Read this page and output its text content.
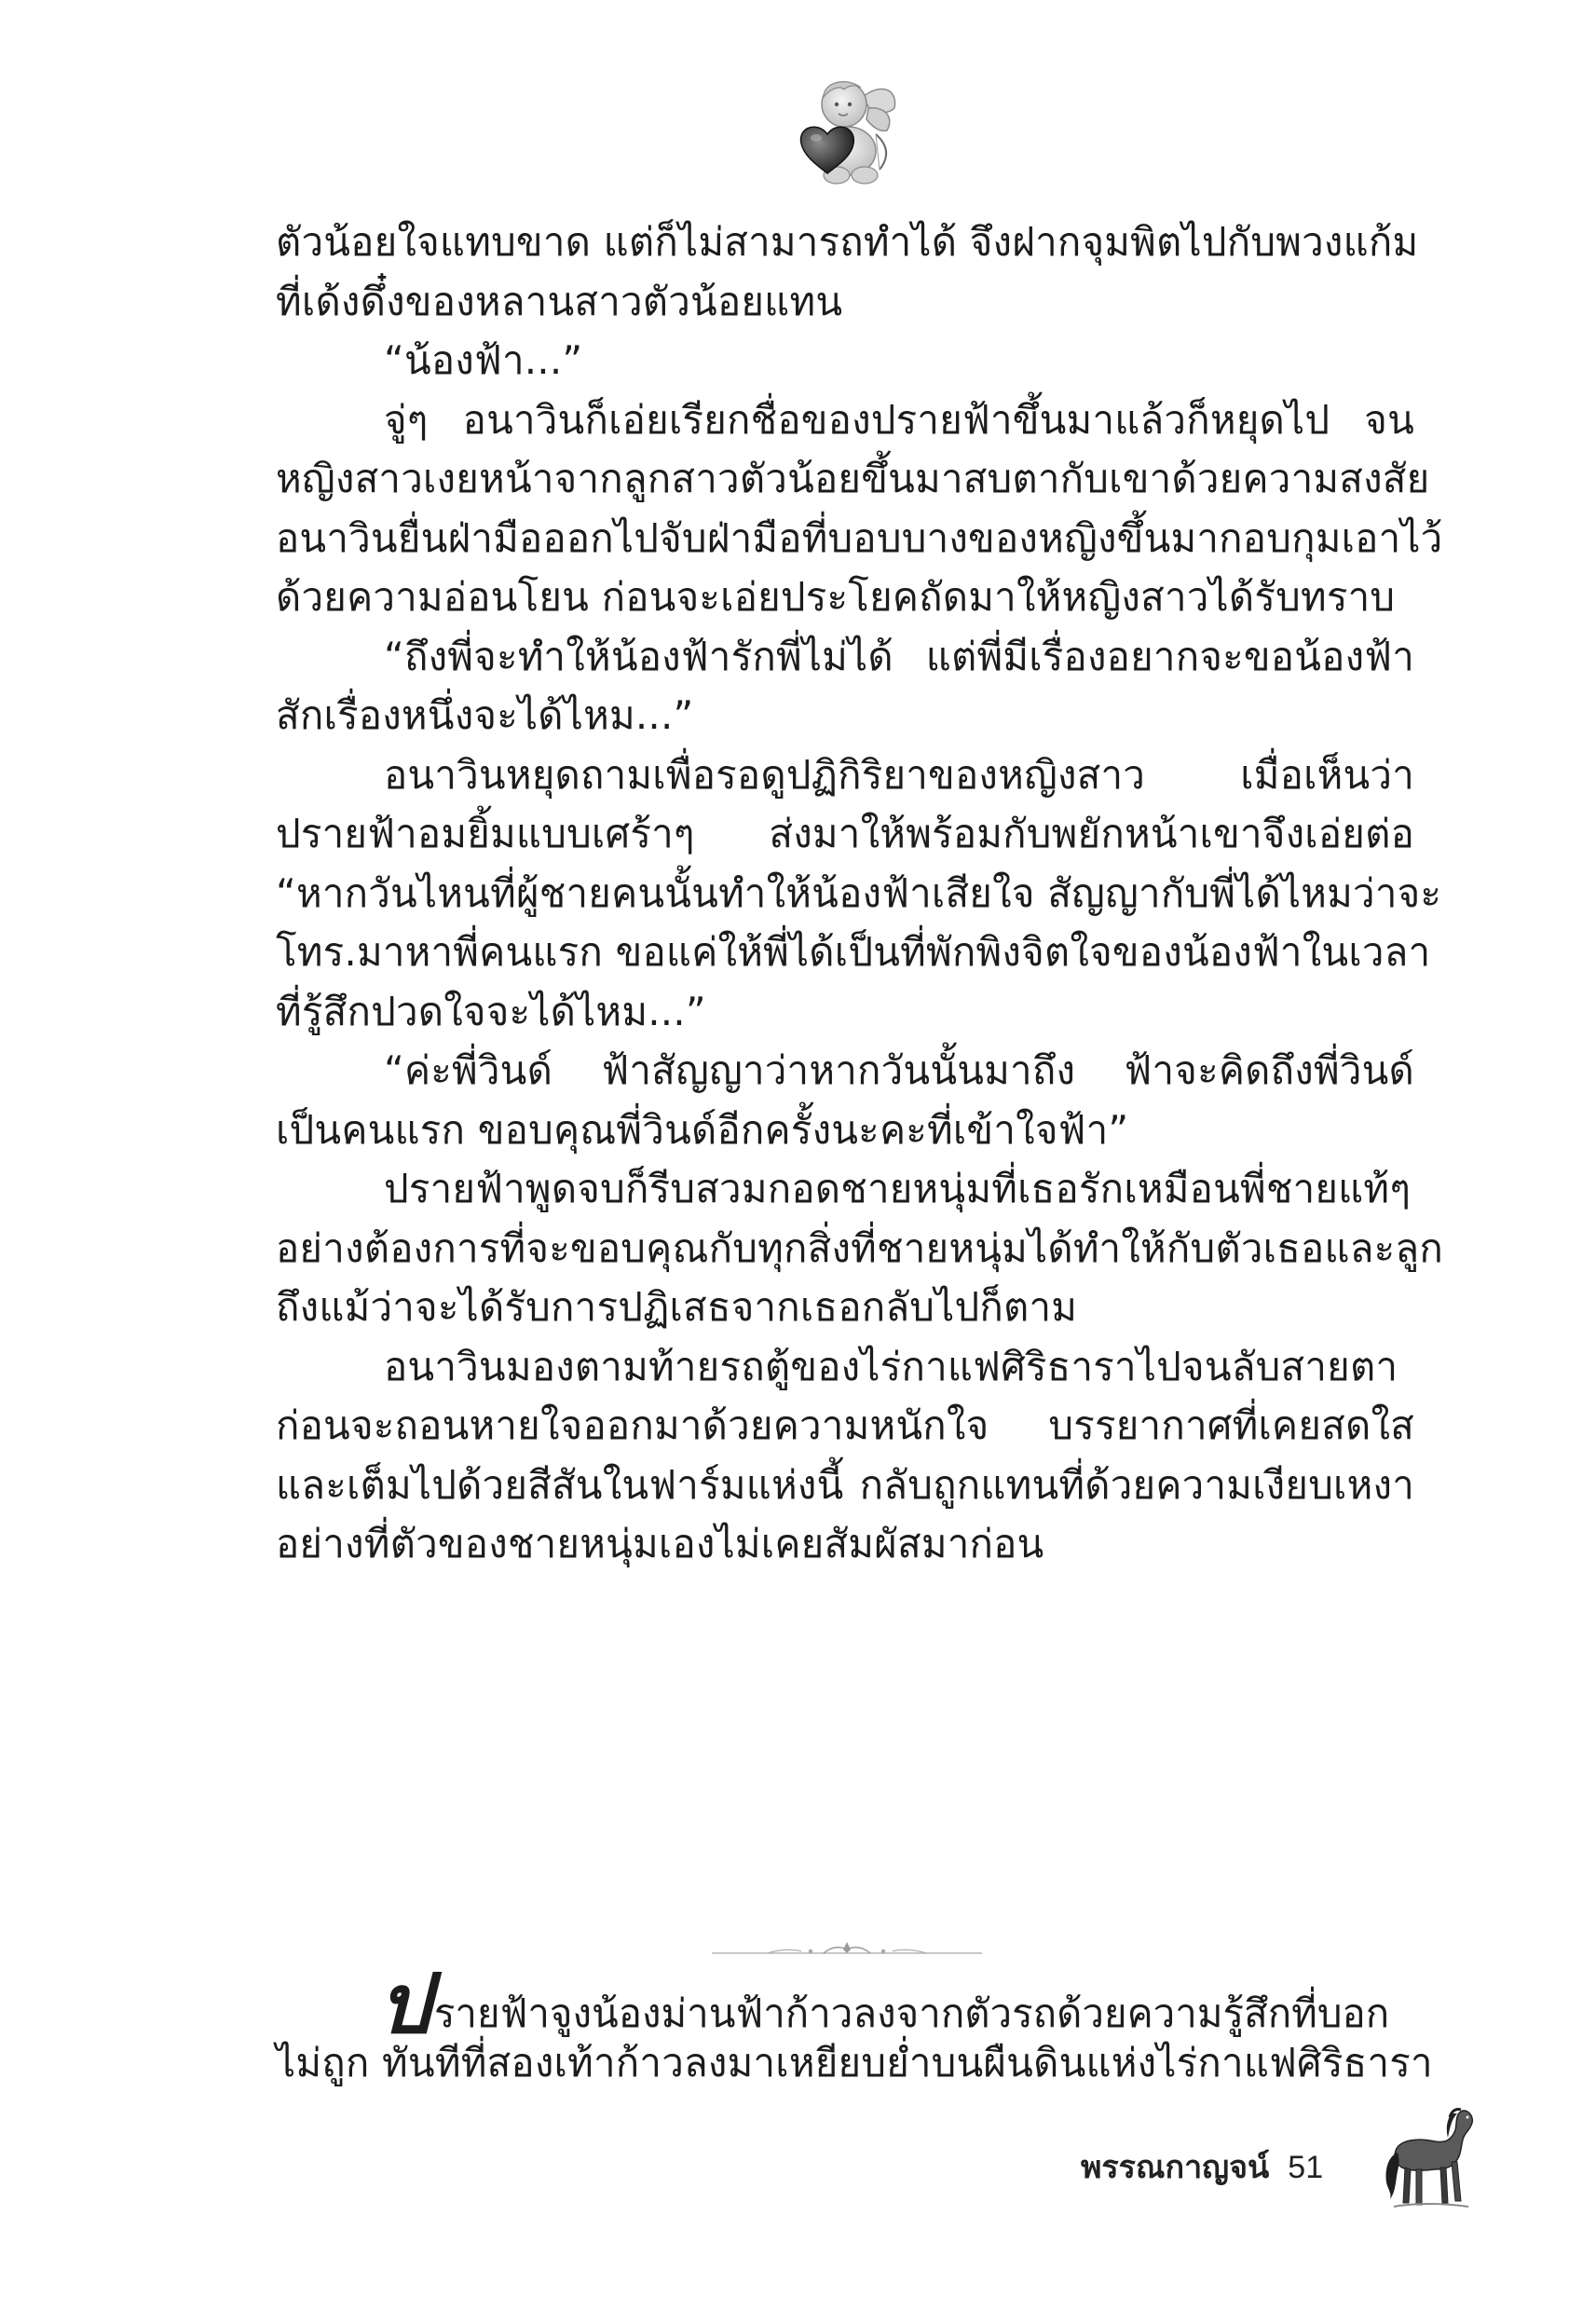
ตัวน้อยใจแทบขาด แต่ก็ไม่สามารถทำได้ จึงฝากจุมพิตไปกับพวงแก้ม
ที่เด้งดึ๋งของหลานสาวตัวน้อยแทน
“น้องฟ้า...”
จู่ๆ อนาวินก็เอ่ยเรียกชื่อของปรายฟ้าขึ้นมาแล้วก็หยุดไป จน
หญิงสาวเงยหน้าจากลูกสาวตัวน้อยขึ้นมาสบตากับเขาด้วยความสงสัย
อนาวินยื่นฝ่ามือออกไปจับฝ่ามือที่บอบบางของหญิงขึ้นมากอบกุมเอาไว้
ด้วยความอ่อนโยน ก่อนจะเอ่ยประโยคถัดมาให้หญิงสาวได้รับทราบ
“ถึงพี่จะทำให้น้องฟ้ารักพี่ไม่ได้ แต่พี่มีเรื่องอยากจะขอน้องฟ้า
สักเรื่องหนึ่งจะได้ไหม...”
อนาวินหยุดถามเพื่อรอดูปฏิกิริยาของหญิงสาว เมื่อเห็นว่า
ปรายฟ้าอมยิ้มแบบเศร้าๆ ส่งมาให้พร้อมกับพยักหน้าเขาจึงเอ่ยต่อ
“หากวันไหนที่ผู้ชายคนนั้นทำให้น้องฟ้าเสียใจ สัญญากับพี่ได้ไหมว่าจะ
โทร.มาหาพี่คนแรก ขอแค่ให้พี่ได้เป็นที่พักพิงจิตใจของน้องฟ้าในเวลา
ที่รู้สึกปวดใจจะได้ไหม...”
“ค่ะพี่วินด์ ฟ้าสัญญาว่าหากวันนั้นมาถึง ฟ้าจะคิดถึงพี่วินด์
เป็นคนแรก ขอบคุณพี่วินด์อีกครั้งนะคะที่เข้าใจฟ้า”
ปรายฟ้าพูดจบก็รีบสวมกอดชายหนุ่มที่เธอรักเหมือนพี่ชายแท้ๆ
อย่างต้องการที่จะขอบคุณกับทุกสิ่งที่ชายหนุ่มได้ทำให้กับตัวเธอและลูก
ถึงแม้ว่าจะได้รับการปฏิเสธจากเธอกลับไปก็ตาม
อนาวินมองตามท้ายรถตู้ของไร่กาแฟศิริธาราไปจนลับสายตา
ก่อนจะถอนหายใจออกมาด้วยความหนักใจ บรรยากาศที่เคยสดใส
และเต็มไปด้วยสีสันในฟาร์มแห่งนี้ กลับถูกแทนที่ด้วยความเงียบเหงา
อย่างที่ตัวของชายหนุ่มเองไม่เคยสัมผัสมาก่อน
ปรายฟ้าจูงน้องม่านฟ้าก้าวลงจากตัวรถด้วยความรู้สึกที่บอก
ไม่ถูก ทันทีที่สองเท้าก้าวลงมาเหยียบย่ำบนผืนดินแห่งไร่กาแฟศิริธารา
พรรณกาญจน์ 51
